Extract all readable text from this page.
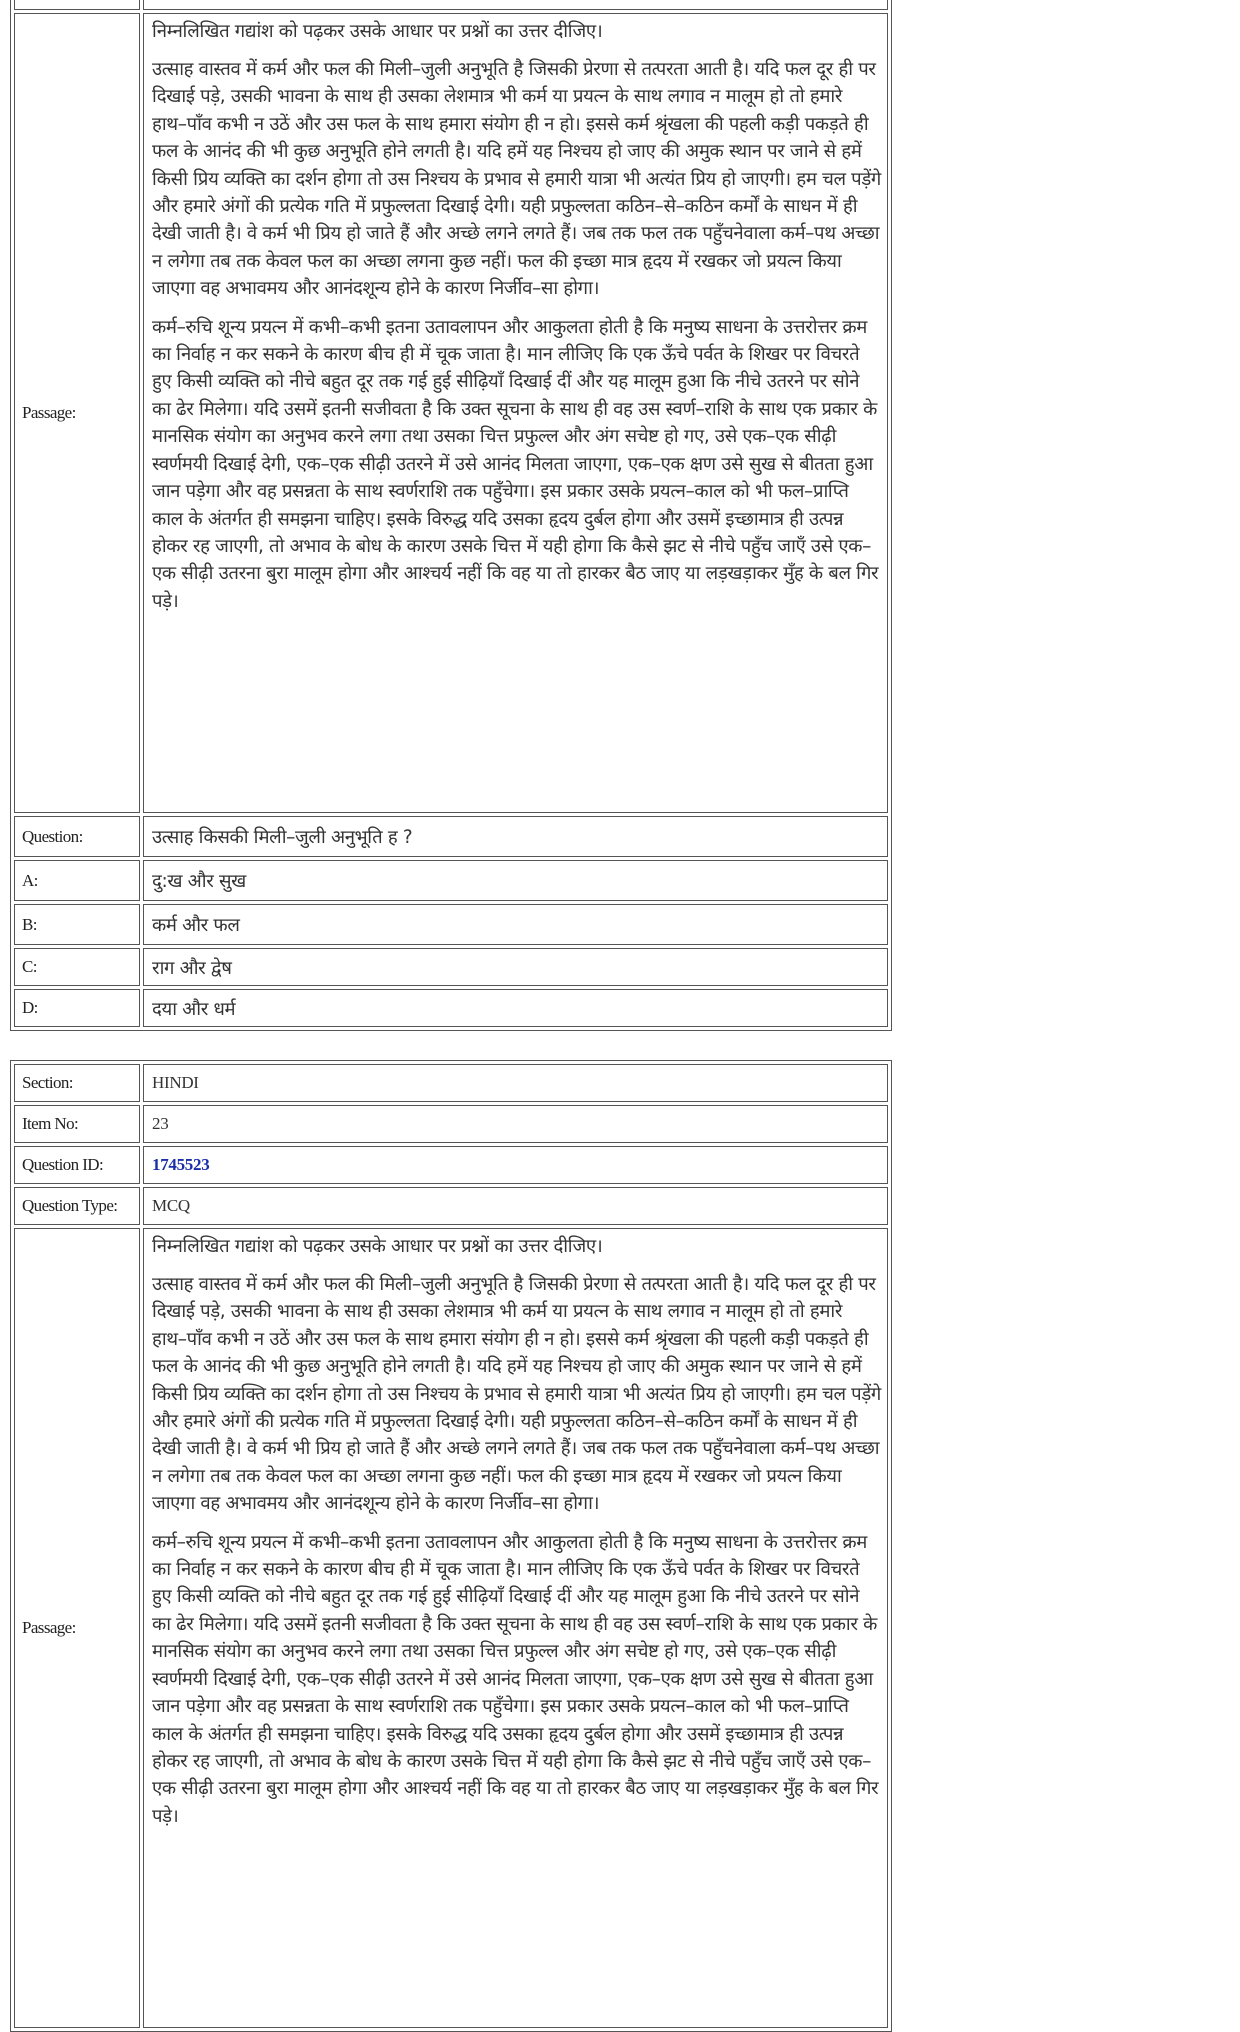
Passage:	निम्नलिखित गद्यांश को पढ़कर उसके आधार पर प्रश्नों का उत्तर दीजिए।

उत्साह वास्तव में कर्म और फल की मिली–जुली अनुभूति है जिसकी प्रेरणा से तत्परता आती है। यदि फल दूर ही पर दिखाई पड़े, उसकी भावना के साथ ही उसका लेशमात्र भी कर्म या प्रयत्न के साथ लगाव न मालूम हो तो हमारे हाथ–पाँव कभी न उठें और उस फल के साथ हमारा संयोग ही न हो। इससे कर्म श्रृंखला की पहली कड़ी पकड़ते ही फल के आनंद की भी कुछ अनुभूति होने लगती है। यदि हमें यह निश्चय हो जाए की अमुक स्थान पर जाने से हमें किसी प्रिय व्यक्ति का दर्शन होगा तो उस निश्चय के प्रभाव से हमारी यात्रा भी अत्यंत प्रिय हो जाएगी। हम चल पड़ेंगे और हमारे अंगों की प्रत्येक गति में प्रफुल्लता दिखाई देगी। यही प्रफुल्लता कठिन–से–कठिन कर्मों के साधन में ही देखी जाती है। वे कर्म भी प्रिय हो जाते हैं और अच्छे लगने लगते हैं। जब तक फल तक पहुँचनेवाला कर्म–पथ अच्छा न लगेगा तब तक केवल फल का अच्छा लगना कुछ नहीं। फल की इच्छा मात्र हृदय में रखकर जो प्रयत्न किया जाएगा वह अभावमय और आनंदशून्य होने के कारण निर्जीव–सा होगा।

कर्म–रुचि शून्य प्रयत्न में कभी–कभी इतना उतावलापन और आकुलता होती है कि मनुष्य साधना के उत्तरोत्तर क्रम का निर्वाह न कर सकने के कारण बीच ही में चूक जाता है। मान लीजिए कि एक ऊँचे पर्वत के शिखर पर विचरते हुए किसी व्यक्ति को नीचे बहुत दूर तक गई हुई सीढ़ियाँ दिखाई दीं और यह मालूम हुआ कि नीचे उतरने पर सोने का ढेर मिलेगा। यदि उसमें इतनी सजीवता है कि उक्त सूचना के साथ ही वह उस स्वर्ण–राशि के साथ एक प्रकार के मानसिक संयोग का अनुभव करने लगा तथा उसका चित्त प्रफुल्ल और अंग सचेष्ट हो गए, उसे एक–एक सीढ़ी स्वर्णमयी दिखाई देगी, एक–एक सीढ़ी उतरने में उसे आनंद मिलता जाएगा, एक–एक क्षण उसे सुख से बीतता हुआ जान पड़ेगा और वह प्रसन्नता के साथ स्वर्णराशि तक पहुँचेगा। इस प्रकार उसके प्रयत्न–काल को भी फल–प्राप्ति काल के अंतर्गत ही समझना चाहिए। इसके विरुद्ध यदि उसका हृदय दुर्बल होगा और उसमें इच्छामात्र ही उत्पन्न होकर रह जाएगी, तो अभाव के बोध के कारण उसके चित्त में यही होगा कि कैसे झट से नीचे पहुँच जाएँ उसे एक–एक सीढ़ी उतरना बुरा मालूम होगा और आश्चर्य नहीं कि वह या तो हारकर बैठ जाए या लड़खड़ाकर मुँह के बल गिर पड़े।

Question:	उत्साह किसकी मिली–जुली अनुभूति ह ?
A:	दु:ख और सुख
B:	कर्म और फल
C:	राग और द्वेष
D:	दया और धर्म
Section:	HINDI
Item No:	23
Question ID:	1745523
Question Type:	MCQ
Passage:	निम्नलिखित गद्यांश को पढ़कर उसके आधार पर प्रश्नों का उत्तर दीजिए।

उत्साह वास्तव में कर्म और फल की मिली–जुली अनुभूति है जिसकी प्रेरणा से तत्परता आती है। यदि फल दूर ही पर दिखाई पड़े, उसकी भावना के साथ ही उसका लेशमात्र भी कर्म या प्रयत्न के साथ लगाव न मालूम हो तो हमारे हाथ–पाँव कभी न उठें और उस फल के साथ हमारा संयोग ही न हो। इससे कर्म श्रृंखला की पहली कड़ी पकड़ते ही फल के आनंद की भी कुछ अनुभूति होने लगती है। यदि हमें यह निश्चय हो जाए की अमुक स्थान पर जाने से हमें किसी प्रिय व्यक्ति का दर्शन होगा तो उस निश्चय के प्रभाव से हमारी यात्रा भी अत्यंत प्रिय हो जाएगी। हम चल पड़ेंगे और हमारे अंगों की प्रत्येक गति में प्रफुल्लता दिखाई देगी। यही प्रफुल्लता कठिन–से–कठिन कर्मों के साधन में ही देखी जाती है। वे कर्म भी प्रिय हो जाते हैं और अच्छे लगने लगते हैं। जब तक फल तक पहुँचनेवाला कर्म–पथ अच्छा न लगेगा तब तक केवल फल का अच्छा लगना कुछ नहीं। फल की इच्छा मात्र हृदय में रखकर जो प्रयत्न किया जाएगा वह अभावमय और आनंदशून्य होने के कारण निर्जीव–सा होगा।

कर्म–रुचि शून्य प्रयत्न में कभी–कभी इतना उतावलापन और आकुलता होती है कि मनुष्य साधना के उत्तरोत्तर क्रम का निर्वाह न कर सकने के कारण बीच ही में चूक जाता है। मान लीजिए कि एक ऊँचे पर्वत के शिखर पर विचरते हुए किसी व्यक्ति को नीचे बहुत दूर तक गई हुई सीढ़ियाँ दिखाई दीं और यह मालूम हुआ कि नीचे उतरने पर सोने का ढेर मिलेगा। यदि उसमें इतनी सजीवता है कि उक्त सूचना के साथ ही वह उस स्वर्ण–राशि के साथ एक प्रकार के मानसिक संयोग का अनुभव करने लगा तथा उसका चित्त प्रफुल्ल और अंग सचेष्ट हो गए, उसे एक–एक सीढ़ी स्वर्णमयी दिखाई देगी, एक–एक सीढ़ी उतरने में उसे आनंद मिलता जाएगा, एक–एक क्षण उसे सुख से बीतता हुआ जान पड़ेगा और वह प्रसन्नता के साथ स्वर्णराशि तक पहुँचेगा। इस प्रकार उसके प्रयत्न–काल को भी फल–प्राप्ति काल के अंतर्गत ही समझना चाहिए। इसके विरुद्ध यदि उसका हृदय दुर्बल होगा और उसमें इच्छामात्र ही उत्पन्न होकर रह जाएगी, तो अभाव के बोध के कारण उसके चित्त में यही होगा कि कैसे झट से नीचे पहुँच जाएँ उसे एक–एक सीढ़ी उतरना बुरा मालूम होगा और आश्चर्य नहीं कि वह या तो हारकर बैठ जाए या लड़खड़ाकर मुँह के बल गिर पड़े।
